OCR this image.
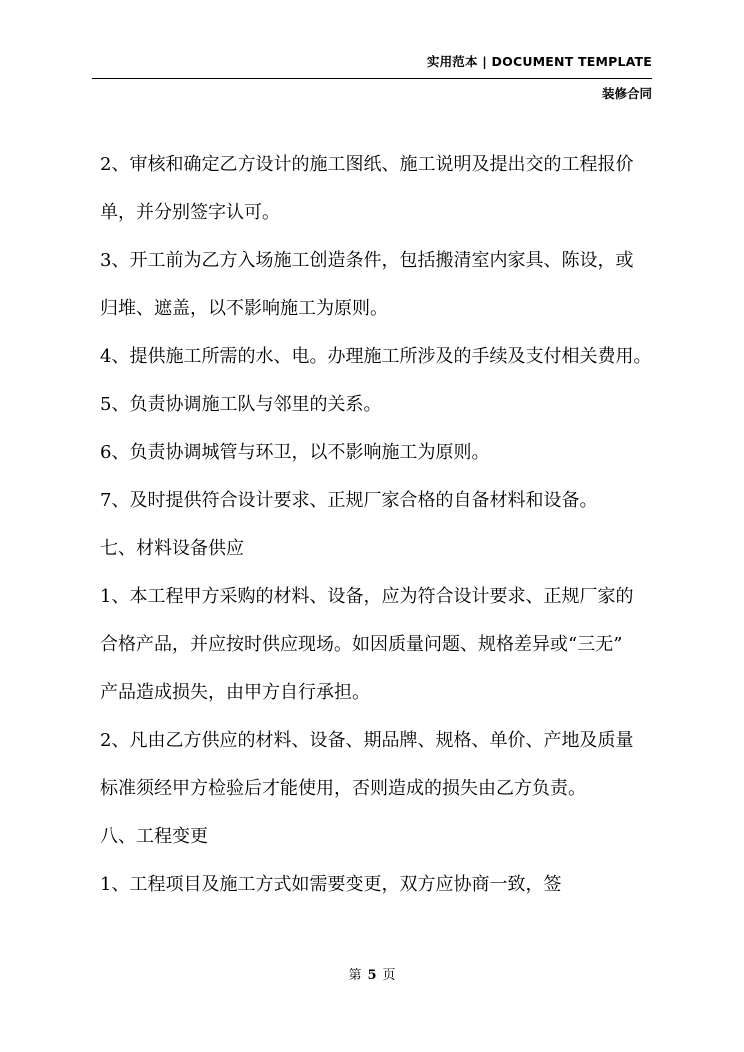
实用范本 | DOCUMENT TEMPLATE
装修合同

2、审核和确定乙方设计的施工图纸、施工说明及提出交的工程报价

单，并分别签字认可。

3、开工前为乙方入场施工创造条件，包括搬清室内家具、陈设，或

归堆、遮盖，以不影响施工为原则。

4、提供施工所需的水、电。办理施工所涉及的手续及支付相关费用。

5、负责协调施工队与邻里的关系。

6、负责协调城管与环卫，以不影响施工为原则。

7、及时提供符合设计要求、正规厂家合格的自备材料和设备。

七、材料设备供应

1、本工程甲方采购的材料、设备，应为符合设计要求、正规厂家的

合格产品，并应按时供应现场。如因质量问题、规格差异或“三无”

产品造成损失，由甲方自行承担。

2、凡由乙方供应的材料、设备、期品牌、规格、单价、产地及质量

标准须经甲方检验后才能使用，否则造成的损失由乙方负责。

八、工程变更

1、工程项目及施工方式如需要变更，双方应协商一致，签

第 5 页
